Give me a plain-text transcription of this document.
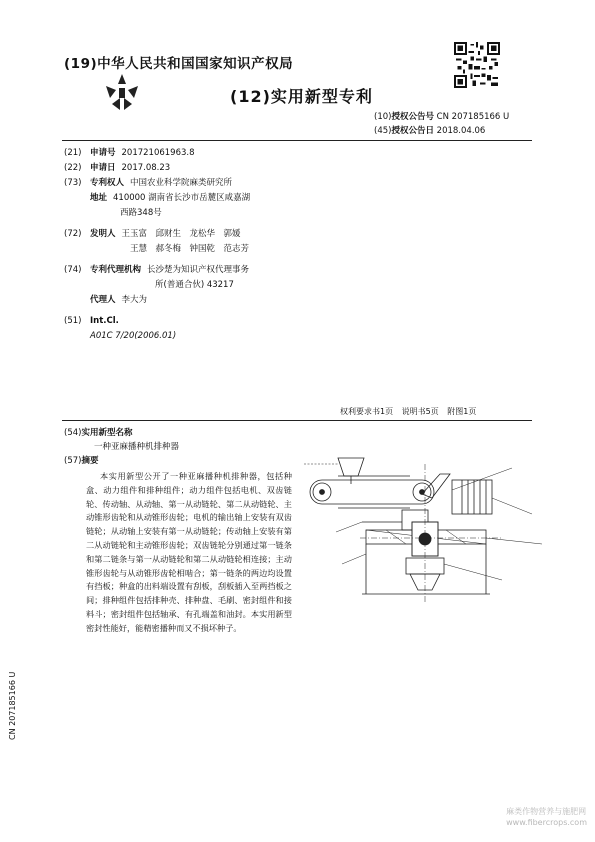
(19)中华人民共和国国家知识产权局
(12)实用新型专利
(10)授权公告号 CN 207185166 U
(45)授权公告日 2018.04.06
(21)	申请号 201721061963.8
(22)	申请日 2017.08.23
(73)	专利权人 中国农业科学院麻类研究所
地址 410000 湖南省长沙市岳麓区咸嘉湖
西路348号
(72)	发明人 王玉富　邱财生　龙松华　郭媛
王慧　郝冬梅　钟国乾　范志芳
(74)	专利代理机构 长沙楚为知识产权代理事务
所(普通合伙) 43217
代理人 李大为
(51)	Int.Cl.
A01C 7/20(2006.01)
权利要求书1页 说明书5页 附图1页
(54)实用新型名称
一种亚麻播种机排种器
(57)摘要
本实用新型公开了一种亚麻播种机排种器，包括种盒、动力组件和排种组件；动力组件包括电机、双齿链轮、传动轴、从动轴、第一从动链轮、第二从动链轮、主动锥形齿轮和从动锥形齿轮；电机的输出轴上安装有双齿链轮；从动轴上安装有第一从动链轮；传动轴上安装有第二从动链轮和主动锥形齿轮；双齿链轮分别通过第一链条和第二链条与第一从动链轮和第二从动链轮相连接；主动锥形齿轮与从动锥形齿轮相啮合；第一链条的两边均设置有挡板；种盒的出料端设置有刮板，刮板插入至两挡板之间；排种组件包括排种壳、排种盘、毛刷、密封组件和接料斗；密封组件包括轴承、有孔端盖和油封。本实用新型密封性能好，能精密播种而又不损坏种子。
CN 207185166 U
麻类作物营养与施肥网
www.fibercrops.com
